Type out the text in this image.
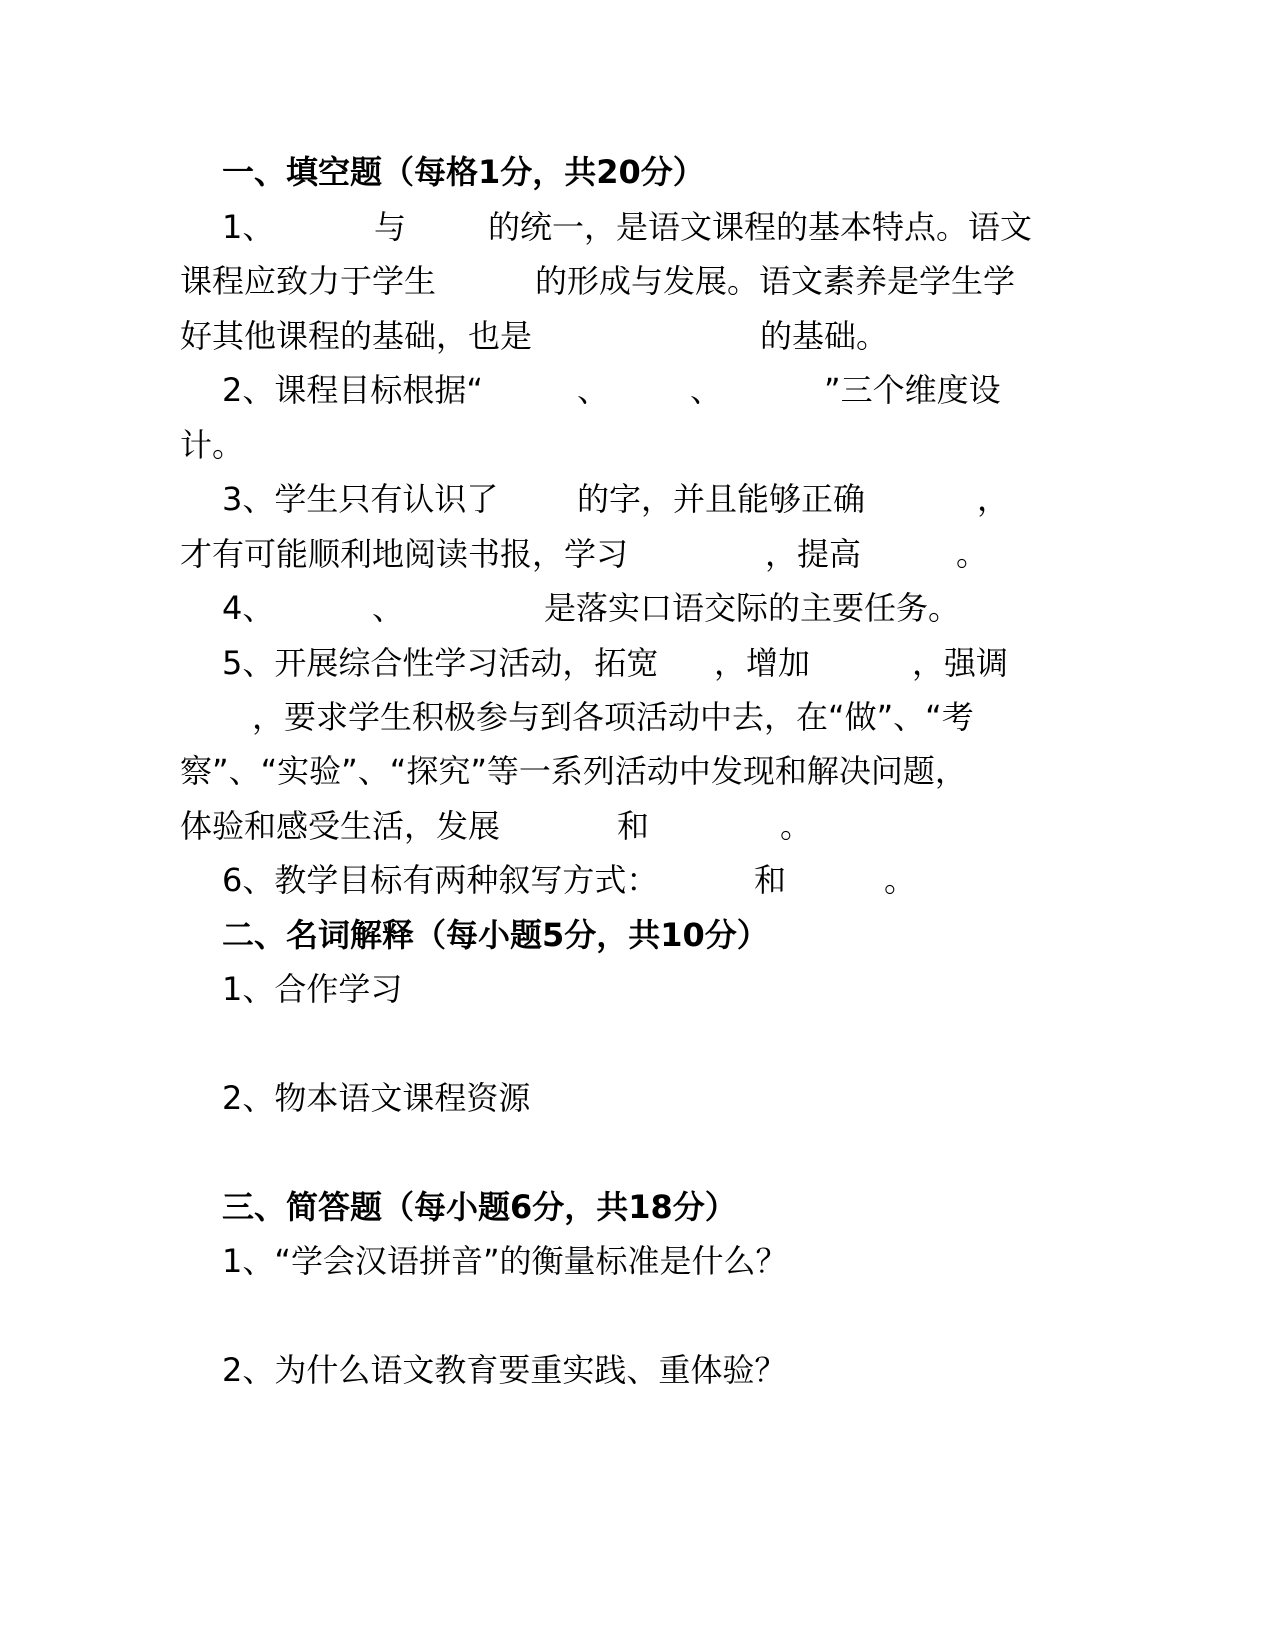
一、填空题（每格1分，共20分）

1、

	与

	的统一，是语文课程的基本特点。语文

课程应致力于学生

	的形成与发展。语文素养是学生学

好其他课程的基础，也是

	的基础。

2、课程目标根据“

	、

	、

	”三个维度设

计。

3、学生只有认识了

的字，并且能够正确

	，

才有可能顺利地阅读书报，学习

	，提高

	。

4、

	、

	是落实口语交际的主要任务。

5、开展综合性学习活动，拓宽

，增加

	，强调

，要求学生积极参与到各项活动中去，在“做”、“考
察”、“实验”、“探究”等一系列活动中发现和解决问题，

体验和感受生活，发展

	和

	。

6、教学目标有两种叙写方式：

	和

	。

二、名词解释（每小题5分，共10分）
1、合作学习
2、物本语文课程资源
三、简答题（每小题6分，共18分）
1、“学会汉语拼音”的衡量标准是什么？
2、为什么语文教育要重实践、重体验？
